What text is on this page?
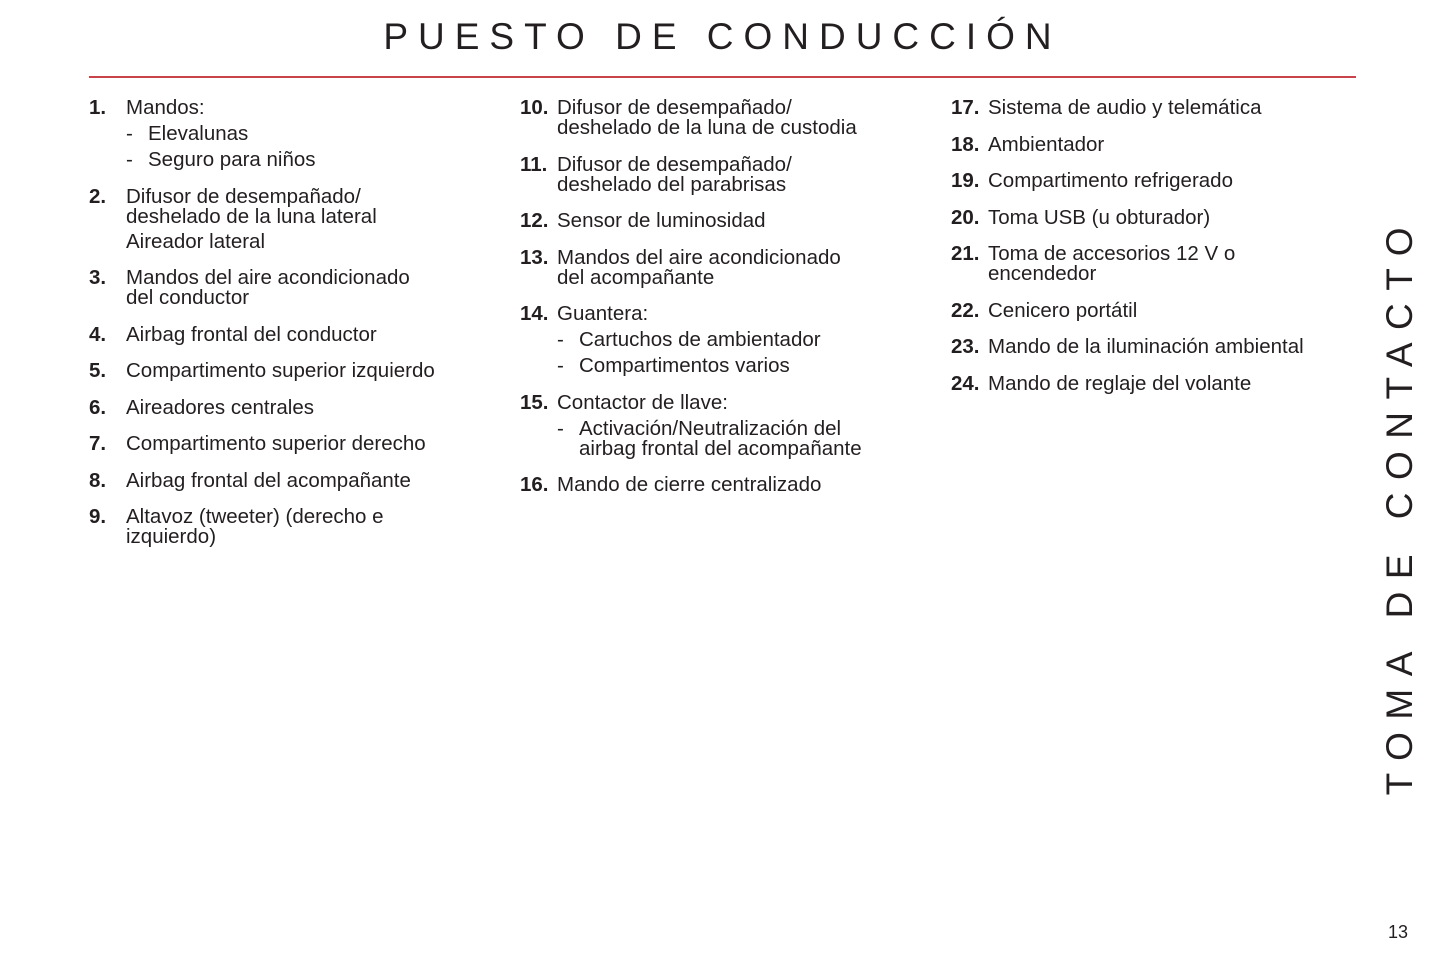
PUESTO DE CONDUCCIÓN
1. Mandos:
- Elevalunas
- Seguro para niños
2. Difusor de desempañado/
deshelado de la luna lateral
Aireador lateral
3. Mandos del aire acondicionado
del conductor
4. Airbag frontal del conductor
5. Compartimento superior izquierdo
6. Aireadores centrales
7. Compartimento superior derecho
8. Airbag frontal del acompañante
9. Altavoz (tweeter) (derecho e
izquierdo)
10. Difusor de desempañado/
deshelado de la luna de custodia
11. Difusor de desempañado/
deshelado del parabrisas
12. Sensor de luminosidad
13. Mandos del aire acondicionado
del acompañante
14. Guantera:
- Cartuchos de ambientador
- Compartimentos varios
15. Contactor de llave:
- Activación/Neutralización del
airbag frontal del acompañante
16. Mando de cierre centralizado
17. Sistema de audio y telemática
18. Ambientador
19. Compartimento refrigerado
20. Toma USB (u obturador)
21. Toma de accesorios 12 V o
encendedor
22. Cenicero portátil
23. Mando de la iluminación ambiental
24. Mando de reglaje del volante	TOMA DE CONTACTO
13
